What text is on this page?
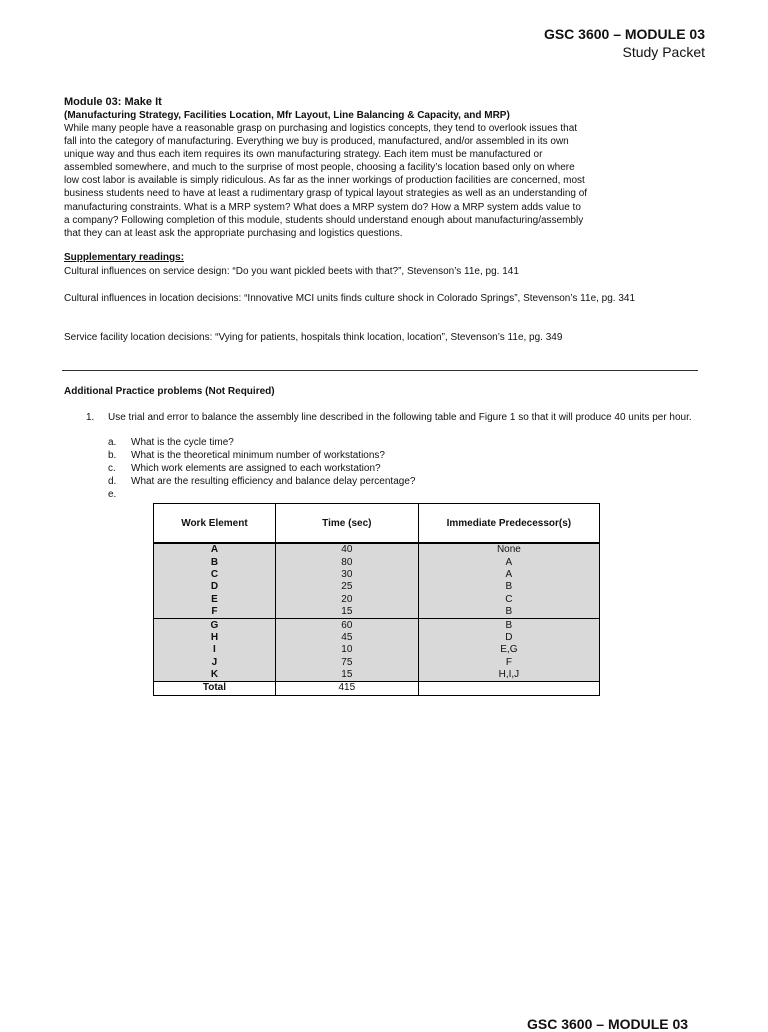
GSC 3600 – MODULE 03
Study Packet
Module 03: Make It
(Manufacturing Strategy, Facilities Location, Mfr Layout, Line Balancing & Capacity, and MRP)
While many people have a reasonable grasp on purchasing and logistics concepts, they tend to overlook issues that
fall into the category of manufacturing. Everything we buy is produced, manufactured, and/or assembled in its own
unique way and thus each item requires its own manufacturing strategy. Each item must be manufactured or
assembled somewhere, and much to the surprise of most people, choosing a facility’s location based only on where
low cost labor is available is simply ridiculous. As far as the inner workings of production facilities are concerned, most
business students need to have at least a rudimentary grasp of typical layout strategies as well as an understanding of
manufacturing constraints. What is a MRP system? What does a MRP system do? How a MRP system adds value to
a company? Following completion of this module, students should understand enough about manufacturing/assembly
that they can at least ask the appropriate purchasing and logistics questions.
Supplementary readings:
Cultural influences on service design: “Do you want pickled beets with that?”, Stevenson’s 11e, pg. 141
Cultural influences in location decisions: “Innovative MCI units finds culture shock in Colorado Springs”, Stevenson’s 11e, pg. 341
Service facility location decisions: “Vying for patients, hospitals think location, location”, Stevenson’s 11e, pg. 349
Additional Practice problems (Not Required)
1. Use trial and error to balance the assembly line described in the following table and Figure 1 so that it will produce 40 units per hour.
a.	What is the cycle time?
b.	What is the theoretical minimum number of workstations?
c.	Which work elements are assigned to each workstation?
d.	What are the resulting efficiency and balance delay percentage?
e.
Work Element	Time (sec)	Immediate Predecessor(s)
A	40	None
B	80	A
C	30	A
D	25	B
E	20	C
F	15	B
G	60	B
H	45	D
I	10	E,G
J	75	F
K	15	H,I,J
Total	415	
GSC 3600 – MODULE 03
